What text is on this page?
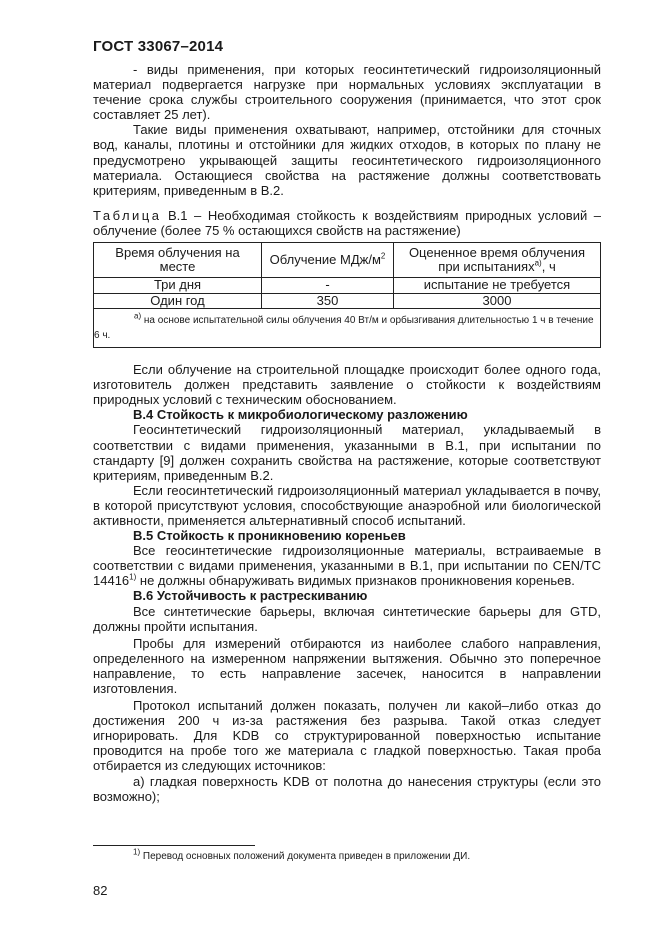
ГОСТ 33067–2014

- виды применения, при которых геосинтетический гидроизоляционный материал подвергается нагрузке при нормальных условиях эксплуатации в течение срока службы строительного сооружения (принимается, что этот срок составляет 25 лет).

Такие виды применения охватывают, например, отстойники для сточных вод, каналы, плотины и отстойники для жидких отходов, в которых по плану не предусмотрено укрывающей защиты геосинтетического гидроизоляционного материала. Остающиеся свойства на растяжение должны соответствовать критериям, приведенным в В.2.

Таблица В.1 – Необходимая стойкость к воздействиям природных условий – облучение (более 75 % остающихся свойств на растяжение)

Время облучения на месте	Облучение МДж/$м^2$	Оцененное время облучения при испытаниях$^{а)}$, ч
Три дня	-	испытание не требуется
Один год	350	3000

$^{а)}$ на основе испытательной силы облучения 40 Вт/м и орбызгивания длительностью 1 ч в течение 6 ч.		

Если облучение на строительной площадке происходит более одного года, изготовитель должен представить заявление о стойкости к воздействиям природных условий с техническим обоснованием.

В.4 Стойкость к микробиологическому разложению

Геосинтетический гидроизоляционный материал, укладываемый в соответствии с видами применения, указанными в В.1, при испытании по стандарту [9] должен сохранить свойства на растяжение, которые соответствуют критериям, приведенным В.2.

Если геосинтетический гидроизоляционный материал укладывается в почву, в которой присутствуют условия, способствующие анаэробной или биологической активности, применяется альтернативный способ испытаний.

В.5 Стойкость к проникновению кореньев

Все геосинтетические гидроизоляционные материалы, встраиваемые в соответствии с видами применения, указанными в В.1, при испытании по CEN/TC 14416$^{1)}$ не должны обнаруживать видимых признаков проникновения кореньев.

В.6 Устойчивость к растрескиванию

Все синтетические барьеры, включая синтетические барьеры для GTD, должны пройти испытания.

Пробы для измерений отбираются из наиболее слабого направления, определенного на измеренном напряжении вытяжения. Обычно это поперечное направление, то есть направление засечек, наносится в направлении изготовления.

Протокол испытаний должен показать, получен ли какой–либо отказ до достижения 200 ч из-за растяжения без разрыва. Такой отказ следует игнорировать. Для KDB со структурированной поверхностью испытание проводится на пробе того же материала с гладкой поверхностью. Такая проба отбирается из следующих источников:

а) гладкая поверхность KDB от полотна до нанесения структуры (если это возможно);

$^{1)}$ Перевод основных положений документа приведен в приложении ДИ.
82
